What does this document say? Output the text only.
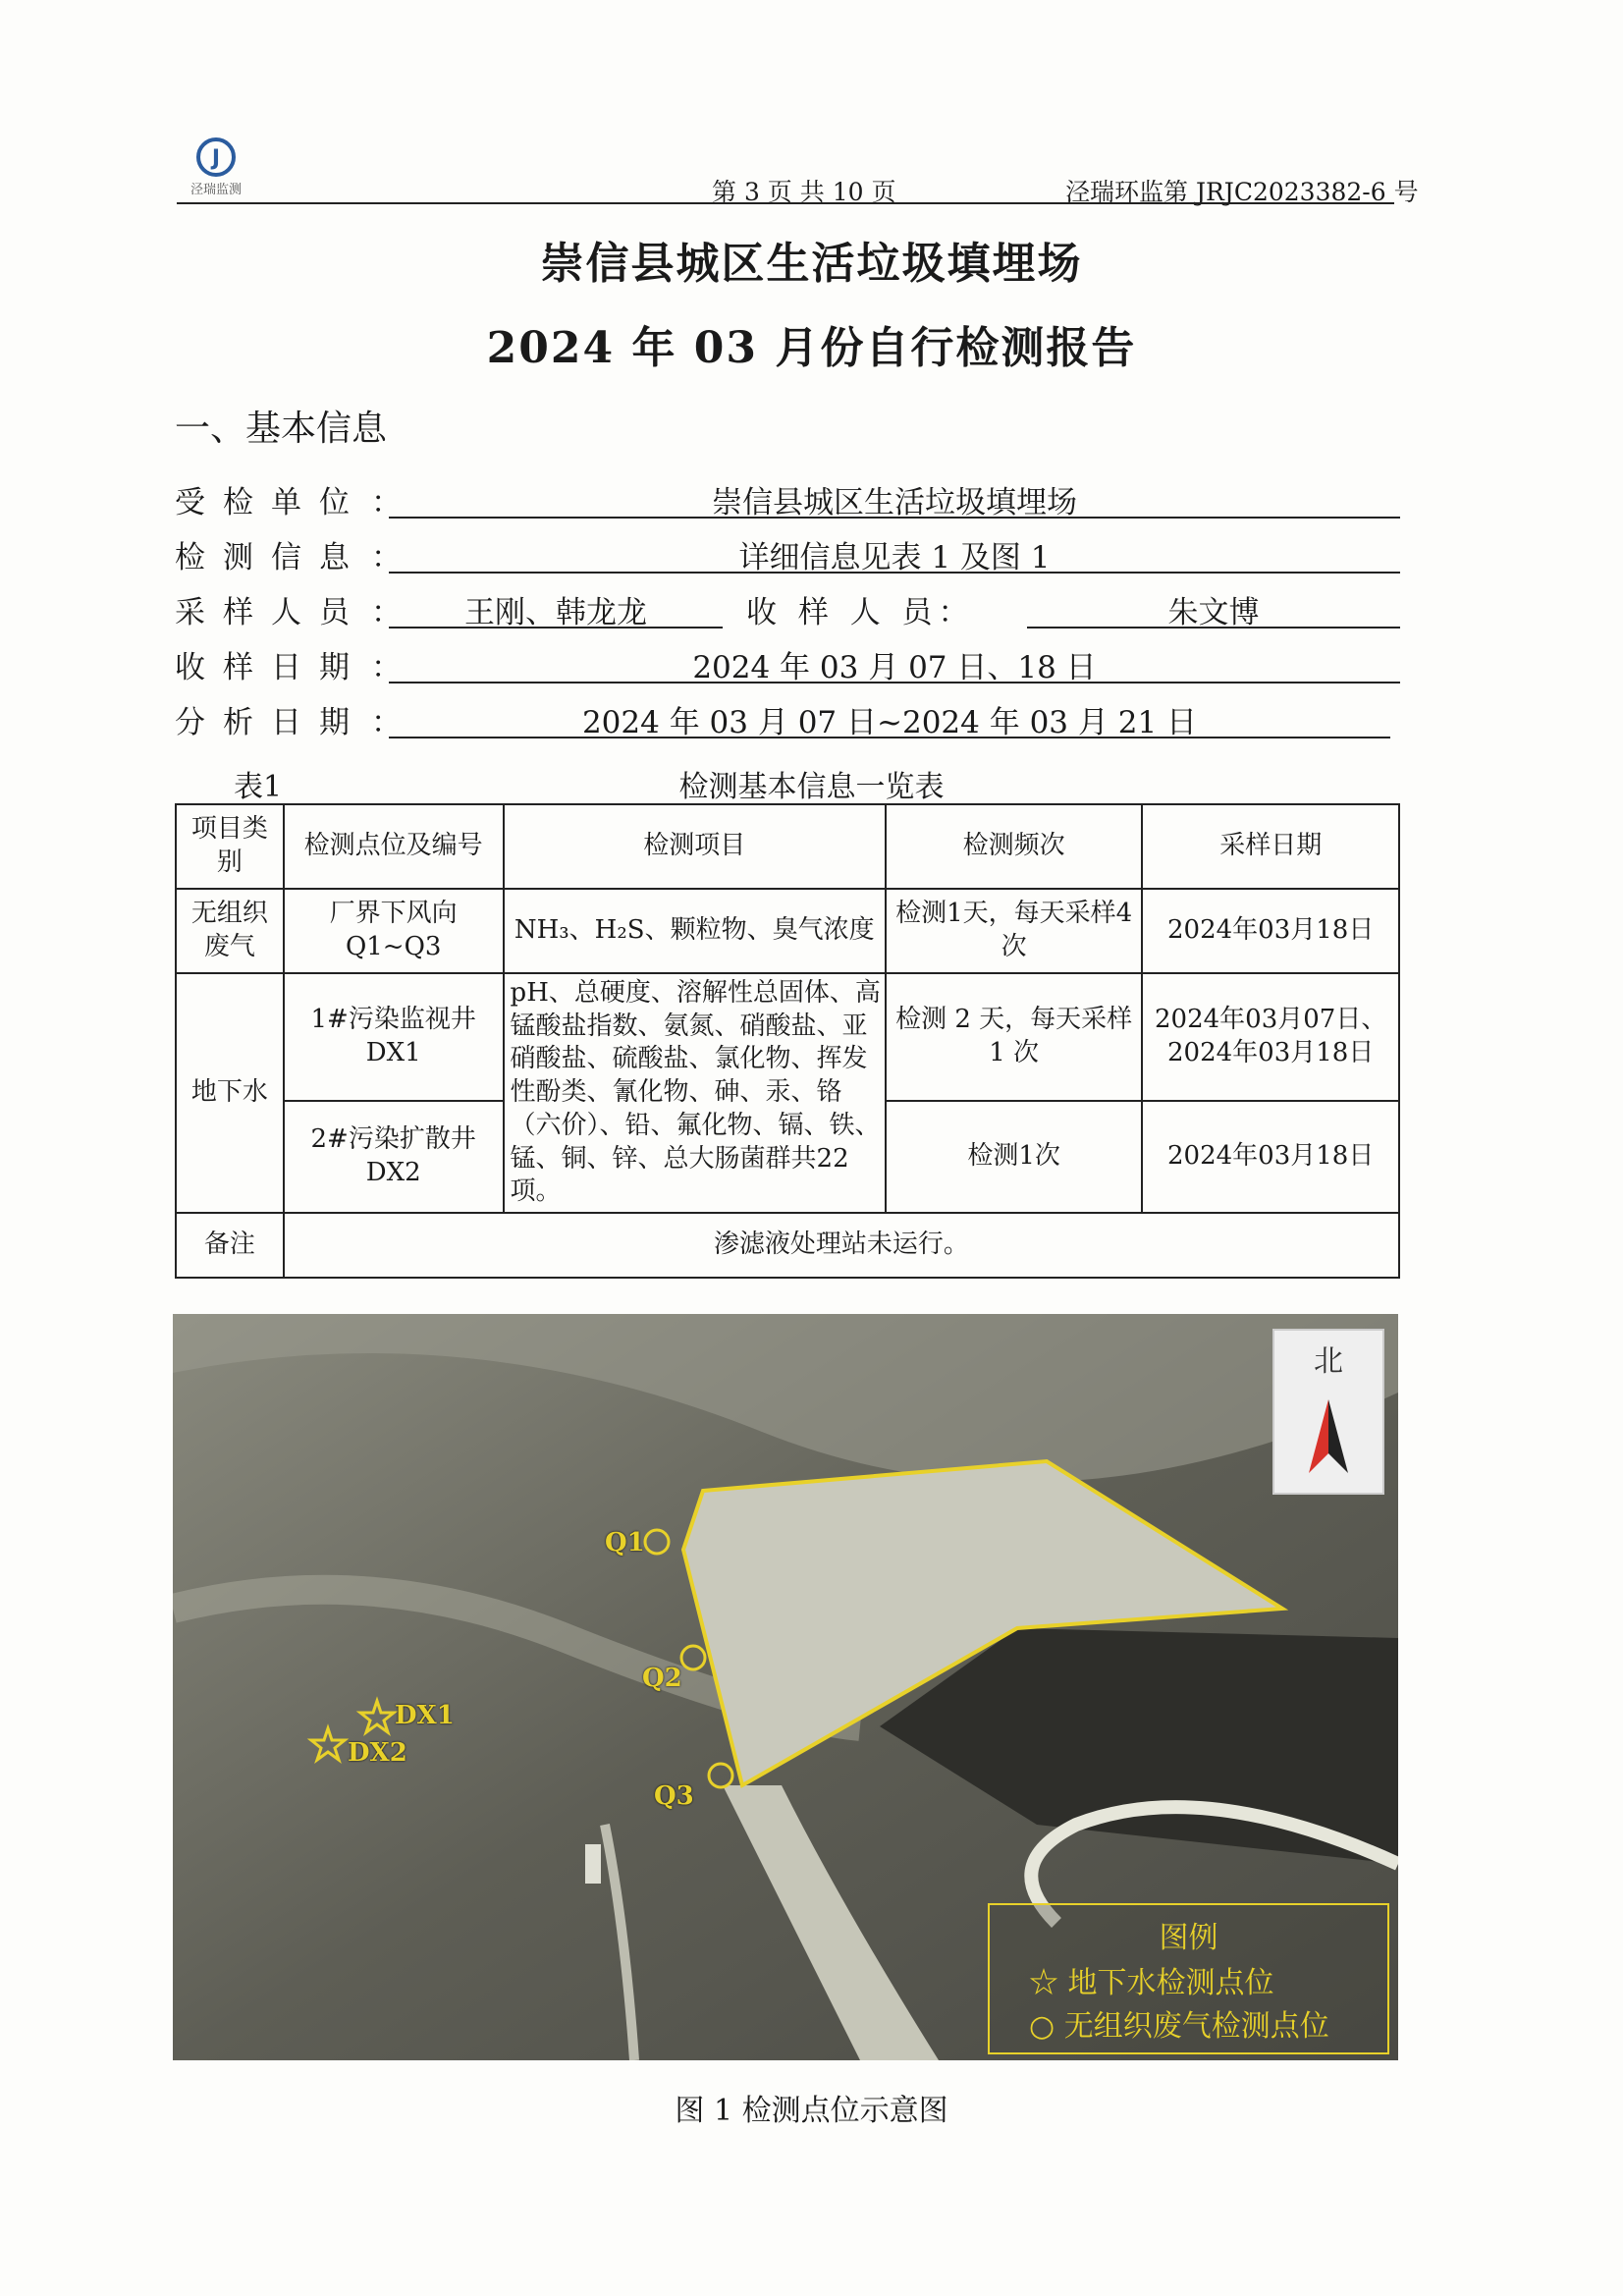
J
泾瑞监测	第 3 页 共 10 页	泾瑞环监第 JRJC2023382-6 号
崇信县城区生活垃圾填埋场
2024 年 03 月份自行检测报告
一、基本信息
受检单位 ：	崇信县城区生活垃圾填埋场
检测信息 ：	详细信息见表 1 及图 1
采样人员 ：	王刚、韩龙龙	收 样 人 员：	朱文博
收样日期 ：	2024 年 03 月 07 日、18 日
分析日期 ：	2024 年 03 月 07 日~2024 年 03 月 21 日
表1	检测基本信息一览表
项目类别	检测点位及编号	检测项目	检测频次	采样日期
无组织废气	厂界下风向 Q1~Q3	NH₃、H₂S、颗粒物、臭气浓度	检测1天，每天采样4次	2024年03月18日
地下水	1#污染监视井 DX1	pH、总硬度、溶解性总固体、高锰酸盐指数、氨氮、硝酸盐、亚硝酸盐、硫酸盐、氯化物、挥发性酚类、氰化物、砷、汞、铬（六价）、铅、氟化物、镉、铁、锰、铜、锌、总大肠菌群共22项。	检测 2 天，每天采样 1 次	2024年03月07日、2024年03月18日
	2#污染扩散井 DX2		检测1次	2024年03月18日
备注	渗滤液处理站未运行。			
Q1
Q2
Q3
DX1
DX2
北
图例
☆ 地下水检测点位
○ 无组织废气检测点位
图 1 检测点位示意图
